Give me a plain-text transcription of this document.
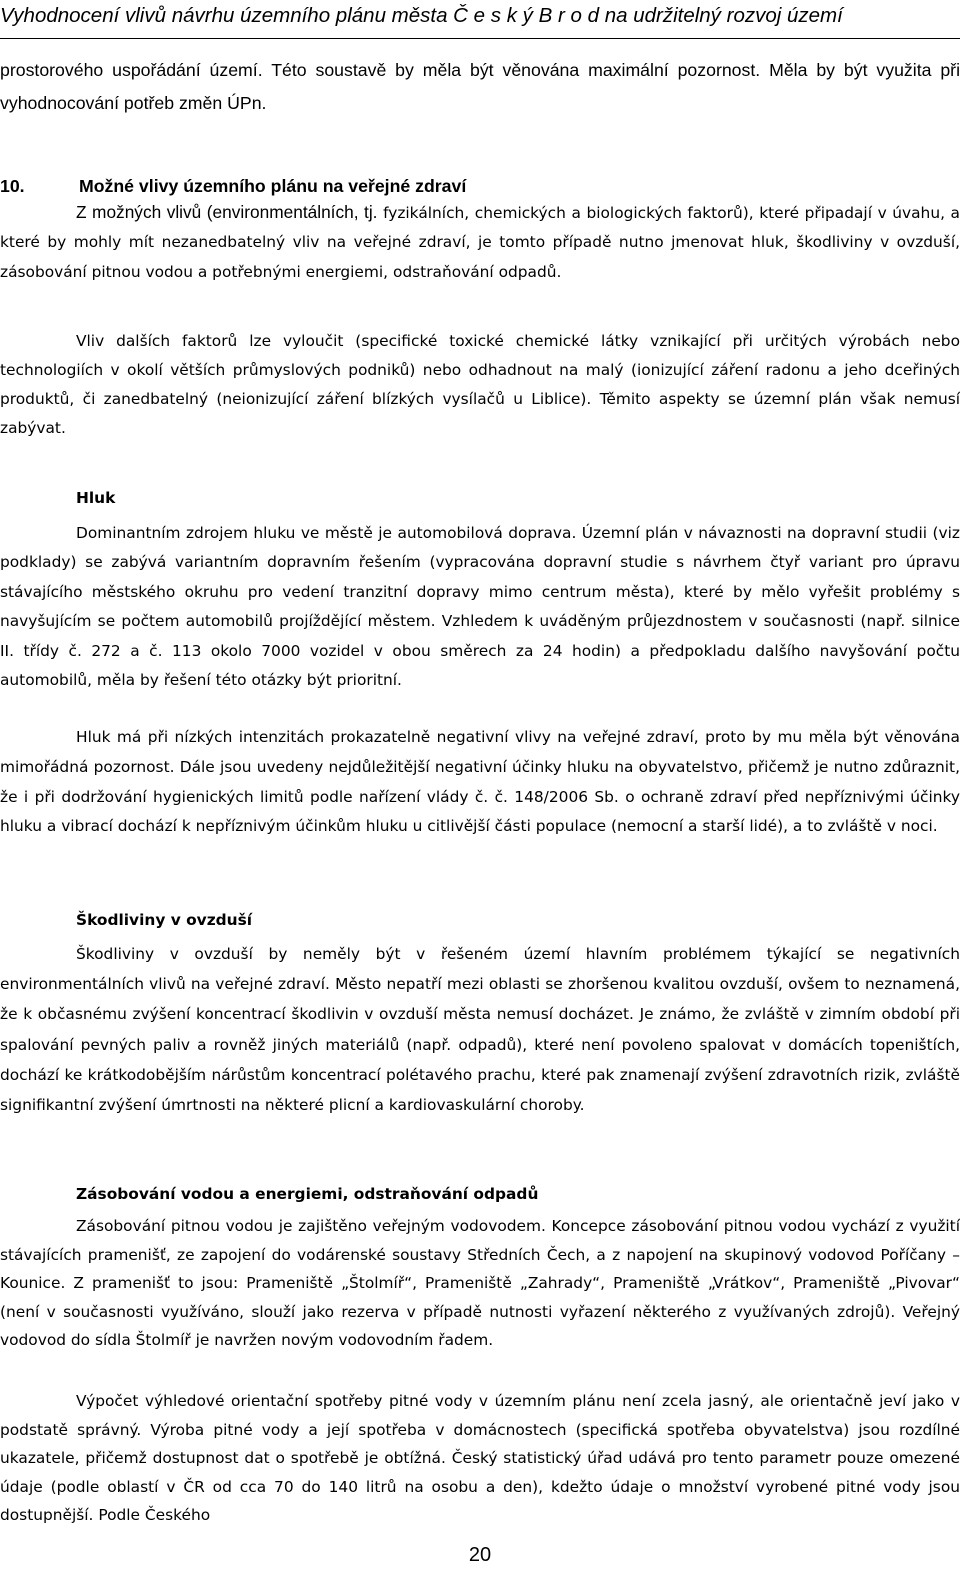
Vyhodnocení vlivů návrhu územního plánu města Č e s k ý B r o d na udržitelný rozvoj území

prostorového uspořádání území. Této soustavě by měla být věnována maximální pozornost. Měla by být využita při vyhodnocování potřeb změn ÚPn.

10.	Možné vlivy územního plánu na veřejné zdraví

Z možných vlivů (environmentálních, tj. fyzikálních, chemických a biologických faktorů), které připadají v úvahu, a které by mohly mít nezanedbatelný vliv na veřejné zdraví, je tomto případě nutno jmenovat hluk, škodliviny v ovzduší, zásobování pitnou vodou a potřebnými energiemi, odstraňování odpadů.

Vliv dalších faktorů lze vyloučit (specifické toxické chemické látky vznikající při určitých výrobách nebo technologiích v okolí větších průmyslových podniků) nebo odhadnout na malý (ionizující záření radonu a jeho dceřiných produktů, či zanedbatelný (neionizující záření blízkých vysílačů u Liblice). Těmito aspekty se územní plán však nemusí zabývat.

Hluk

Dominantním zdrojem hluku ve městě je automobilová doprava. Územní plán v návaznosti na dopravní studii (viz podklady) se zabývá variantním dopravním řešením (vypracována dopravní studie s návrhem čtyř variant pro úpravu stávajícího městského okruhu pro vedení tranzitní dopravy mimo centrum města), které by mělo vyřešit problémy s navyšujícím se počtem automobilů projíždějící městem. Vzhledem k uváděným průjezdnostem v současnosti (např. silnice II. třídy č. 272 a č. 113 okolo 7000 vozidel v obou směrech za 24 hodin) a předpokladu dalšího navyšování počtu automobilů, měla by řešení této otázky být prioritní.

Hluk má při nízkých intenzitách prokazatelně negativní vlivy na veřejné zdraví, proto by mu měla být věnována mimořádná pozornost. Dále jsou uvedeny nejdůležitější negativní účinky hluku na obyvatelstvo, přičemž je nutno zdůraznit, že i při dodržování hygienických limitů podle nařízení vlády č. č. 148/2006 Sb. o ochraně zdraví před nepříznivými účinky hluku a vibrací dochází k nepříznivým účinkům hluku u citlivější části populace (nemocní a starší lidé), a to zvláště v noci.

Škodliviny v ovzduší

Škodliviny v ovzduší by neměly být v řešeném území hlavním problémem týkající se negativních environmentálních vlivů na veřejné zdraví. Město nepatří mezi oblasti se zhoršenou kvalitou ovzduší, ovšem to neznamená, že k občasnému zvýšení koncentrací škodlivin v ovzduší města nemusí docházet. Je známo, že zvláště v zimním období při spalování pevných paliv a rovněž jiných materiálů (např. odpadů), které není povoleno spalovat v domácích topeništích, dochází ke krátkodobějším nárůstům koncentrací polétavého prachu, které pak znamenají zvýšení zdravotních rizik, zvláště signifikantní zvýšení úmrtnosti na některé plicní a kardiovaskulární choroby.

Zásobování vodou a energiemi, odstraňování odpadů

Zásobování pitnou vodou je zajištěno veřejným vodovodem. Koncepce zásobování pitnou vodou vychází z využití stávajících pramenišť, ze zapojení do vodárenské soustavy Středních Čech, a z napojení na skupinový vodovod Poříčany – Kounice. Z pramenišť to jsou: Prameniště „Štolmíř“, Prameniště „Zahrady“, Prameniště „Vrátkov“, Prameniště „Pivovar“ (není v současnosti využíváno, slouží jako rezerva v případě nutnosti vyřazení některého z využívaných zdrojů). Veřejný vodovod do sídla Štolmíř je navržen novým vodovodním řadem.

Výpočet výhledové orientační spotřeby pitné vody v územním plánu není zcela jasný, ale orientačně jeví jako v podstatě správný. Výroba pitné vody a její spotřeba v domácnostech (specifická spotřeba obyvatelstva) jsou rozdílné ukazatele, přičemž dostupnost dat o spotřebě je obtížná. Český statistický úřad udává pro tento parametr pouze omezené údaje (podle oblastí v ČR od cca 70 do 140 litrů na osobu a den), kdežto údaje o množství vyrobené pitné vody jsou dostupnější. Podle Českého

20
